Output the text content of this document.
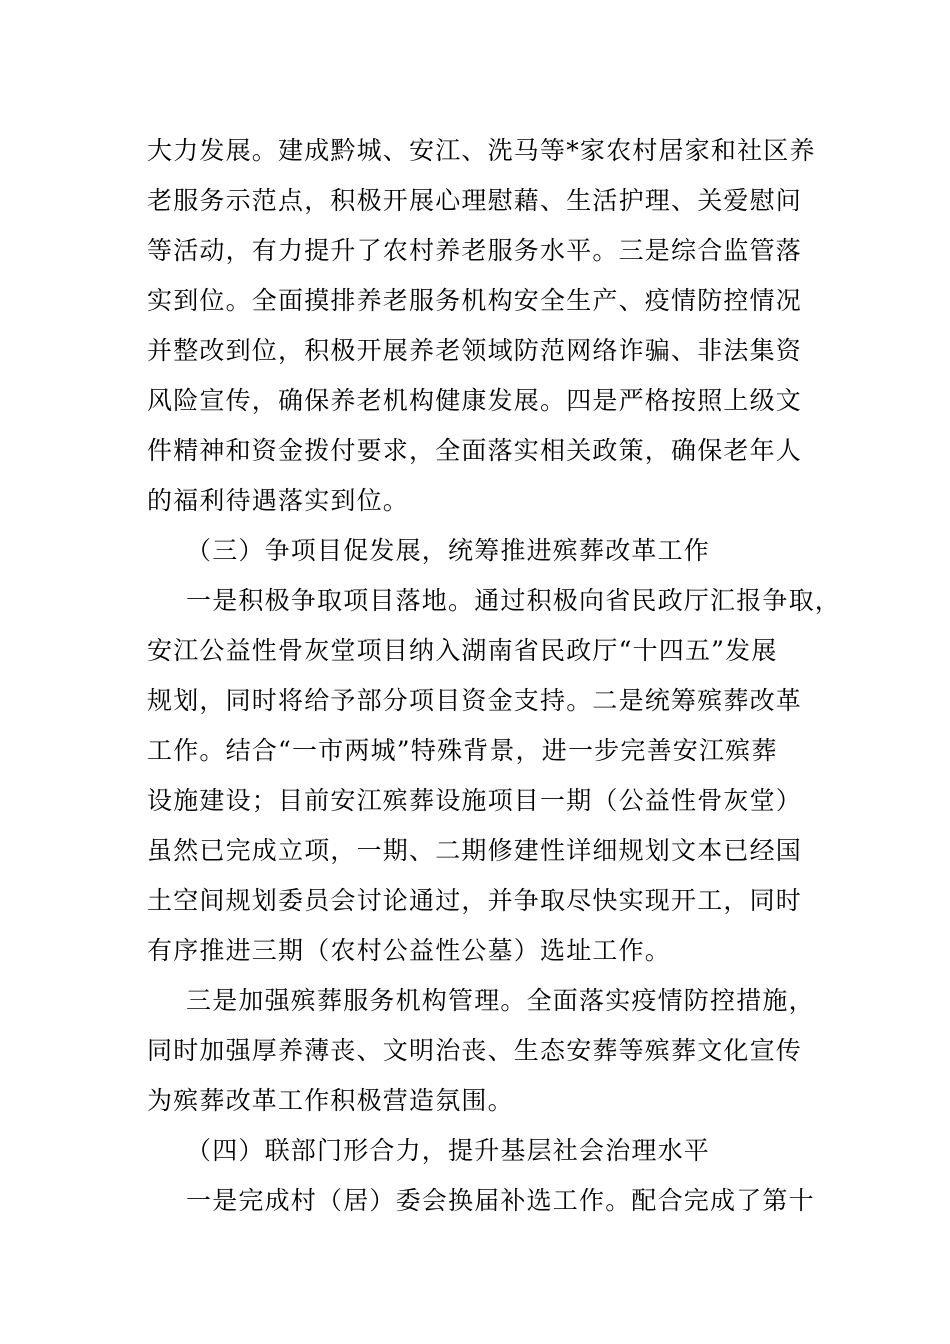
大力发展。建成黔城、安江、洗马等*家农村居家和社区养
老服务示范点，积极开展心理慰藉、生活护理、关爱慰问
等活动，有力提升了农村养老服务水平。三是综合监管落
实到位。全面摸排养老服务机构安全生产、疫情防控情况
并整改到位，积极开展养老领域防范网络诈骗、非法集资
风险宣传，确保养老机构健康发展。四是严格按照上级文
件精神和资金拨付要求，全面落实相关政策，确保老年人
的福利待遇落实到位。
（三）争项目促发展，统筹推进殡葬改革工作
一是积极争取项目落地。通过积极向省民政厅汇报争取，
安江公益性骨灰堂项目纳入湖南省民政厅“十四五”发展
规划，同时将给予部分项目资金支持。二是统筹殡葬改革
工作。结合“一市两城”特殊背景，进一步完善安江殡葬
设施建设；目前安江殡葬设施项目一期（公益性骨灰堂）
虽然已完成立项，一期、二期修建性详细规划文本已经国
土空间规划委员会讨论通过，并争取尽快实现开工，同时
有序推进三期（农村公益性公墓）选址工作。
三是加强殡葬服务机构管理。全面落实疫情防控措施，
同时加强厚养薄丧、文明治丧、生态安葬等殡葬文化宣传
为殡葬改革工作积极营造氛围。
（四）联部门形合力，提升基层社会治理水平
一是完成村（居）委会换届补选工作。配合完成了第十
